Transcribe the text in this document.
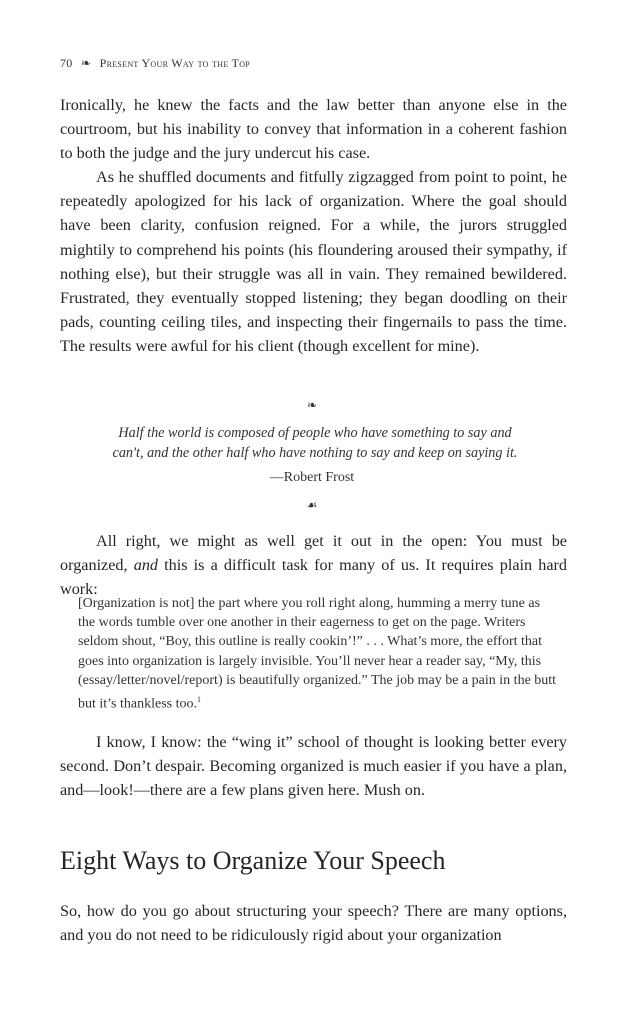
70 ❧ Present Your Way to the Top

Ironically, he knew the facts and the law better than anyone else in the courtroom, but his inability to convey that information in a coherent fashion to both the judge and the jury undercut his case.

As he shuffled documents and fitfully zigzagged from point to point, he repeatedly apologized for his lack of organization. Where the goal should have been clarity, confusion reigned. For a while, the jurors struggled mightily to comprehend his points (his floundering aroused their sympathy, if nothing else), but their struggle was all in vain. They remained bewildered. Frustrated, they eventually stopped listening; they began doodling on their pads, counting ceiling tiles, and inspecting their fingernails to pass the time. The results were awful for his client (though excellent for mine).

❧
Half the world is composed of people who have something to say and
can't, and the other half who have nothing to say and keep on saying it.
—Robert Frost
☙

All right, we might as well get it out in the open: You must be organized, and this is a difficult task for many of us. It requires plain hard work:

[Organization is not] the part where you roll right along, humming a merry tune as the words tumble over one another in their eagerness to get on the page. Writers seldom shout, “Boy, this outline is really cookin’!” . . . What’s more, the effort that goes into organization is largely invisible. You’ll never hear a reader say, “My, this (essay/letter/novel/report) is beautifully organized.” The job may be a pain in the butt but it’s thankless too.$^1$

I know, I know: the “wing it” school of thought is looking better every second. Don’t despair. Becoming organized is much easier if you have a plan, and—look!—there are a few plans given here. Mush on.

Eight Ways to Organize Your Speech

So, how do you go about structuring your speech? There are many options, and you do not need to be ridiculously rigid about your organization
